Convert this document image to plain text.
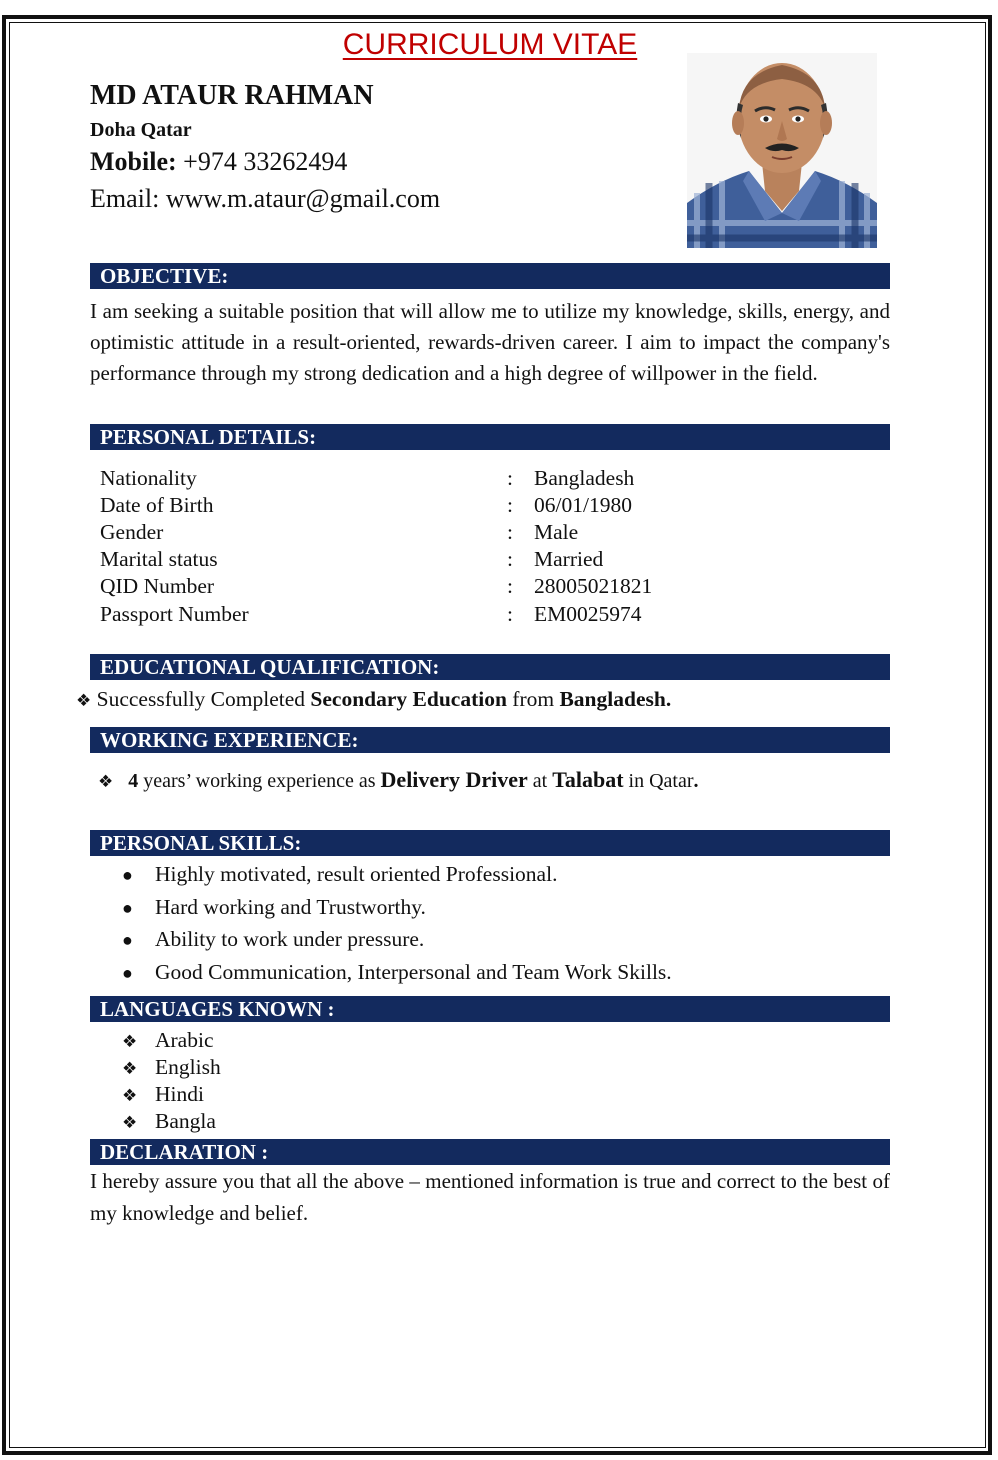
CURRICULUM VITAE
MD ATAUR RAHMAN
Doha Qatar
Mobile: +974 33262494
Email: www.m.ataur@gmail.com
OBJECTIVE:
I am seeking a suitable position that will allow me to utilize my knowledge, skills, energy, and optimistic attitude in a result-oriented, rewards-driven career. I aim to impact the company's performance through my strong dedication and a high degree of willpower in the field.
PERSONAL DETAILS:
Nationality	: Bangladesh
Date of Birth	: 06/01/1980
Gender	: Male
Marital status	: Married
QID Number	: 28005021821
Passport Number	: EM0025974
EDUCATIONAL QUALIFICATION:
❖ Successfully Completed Secondary Education from Bangladesh.
WORKING EXPERIENCE:
❖ 4 years’ working experience as Delivery Driver at Talabat in Qatar.
PERSONAL SKILLS:
● Highly motivated, result oriented Professional.
● Hard working and Trustworthy.
● Ability to work under pressure.
● Good Communication, Interpersonal and Team Work Skills.
LANGUAGES KNOWN :
❖ Arabic
❖ English
❖ Hindi
❖ Bangla
DECLARATION :
I hereby assure you that all the above – mentioned information is true and correct to the best of my knowledge and belief.
